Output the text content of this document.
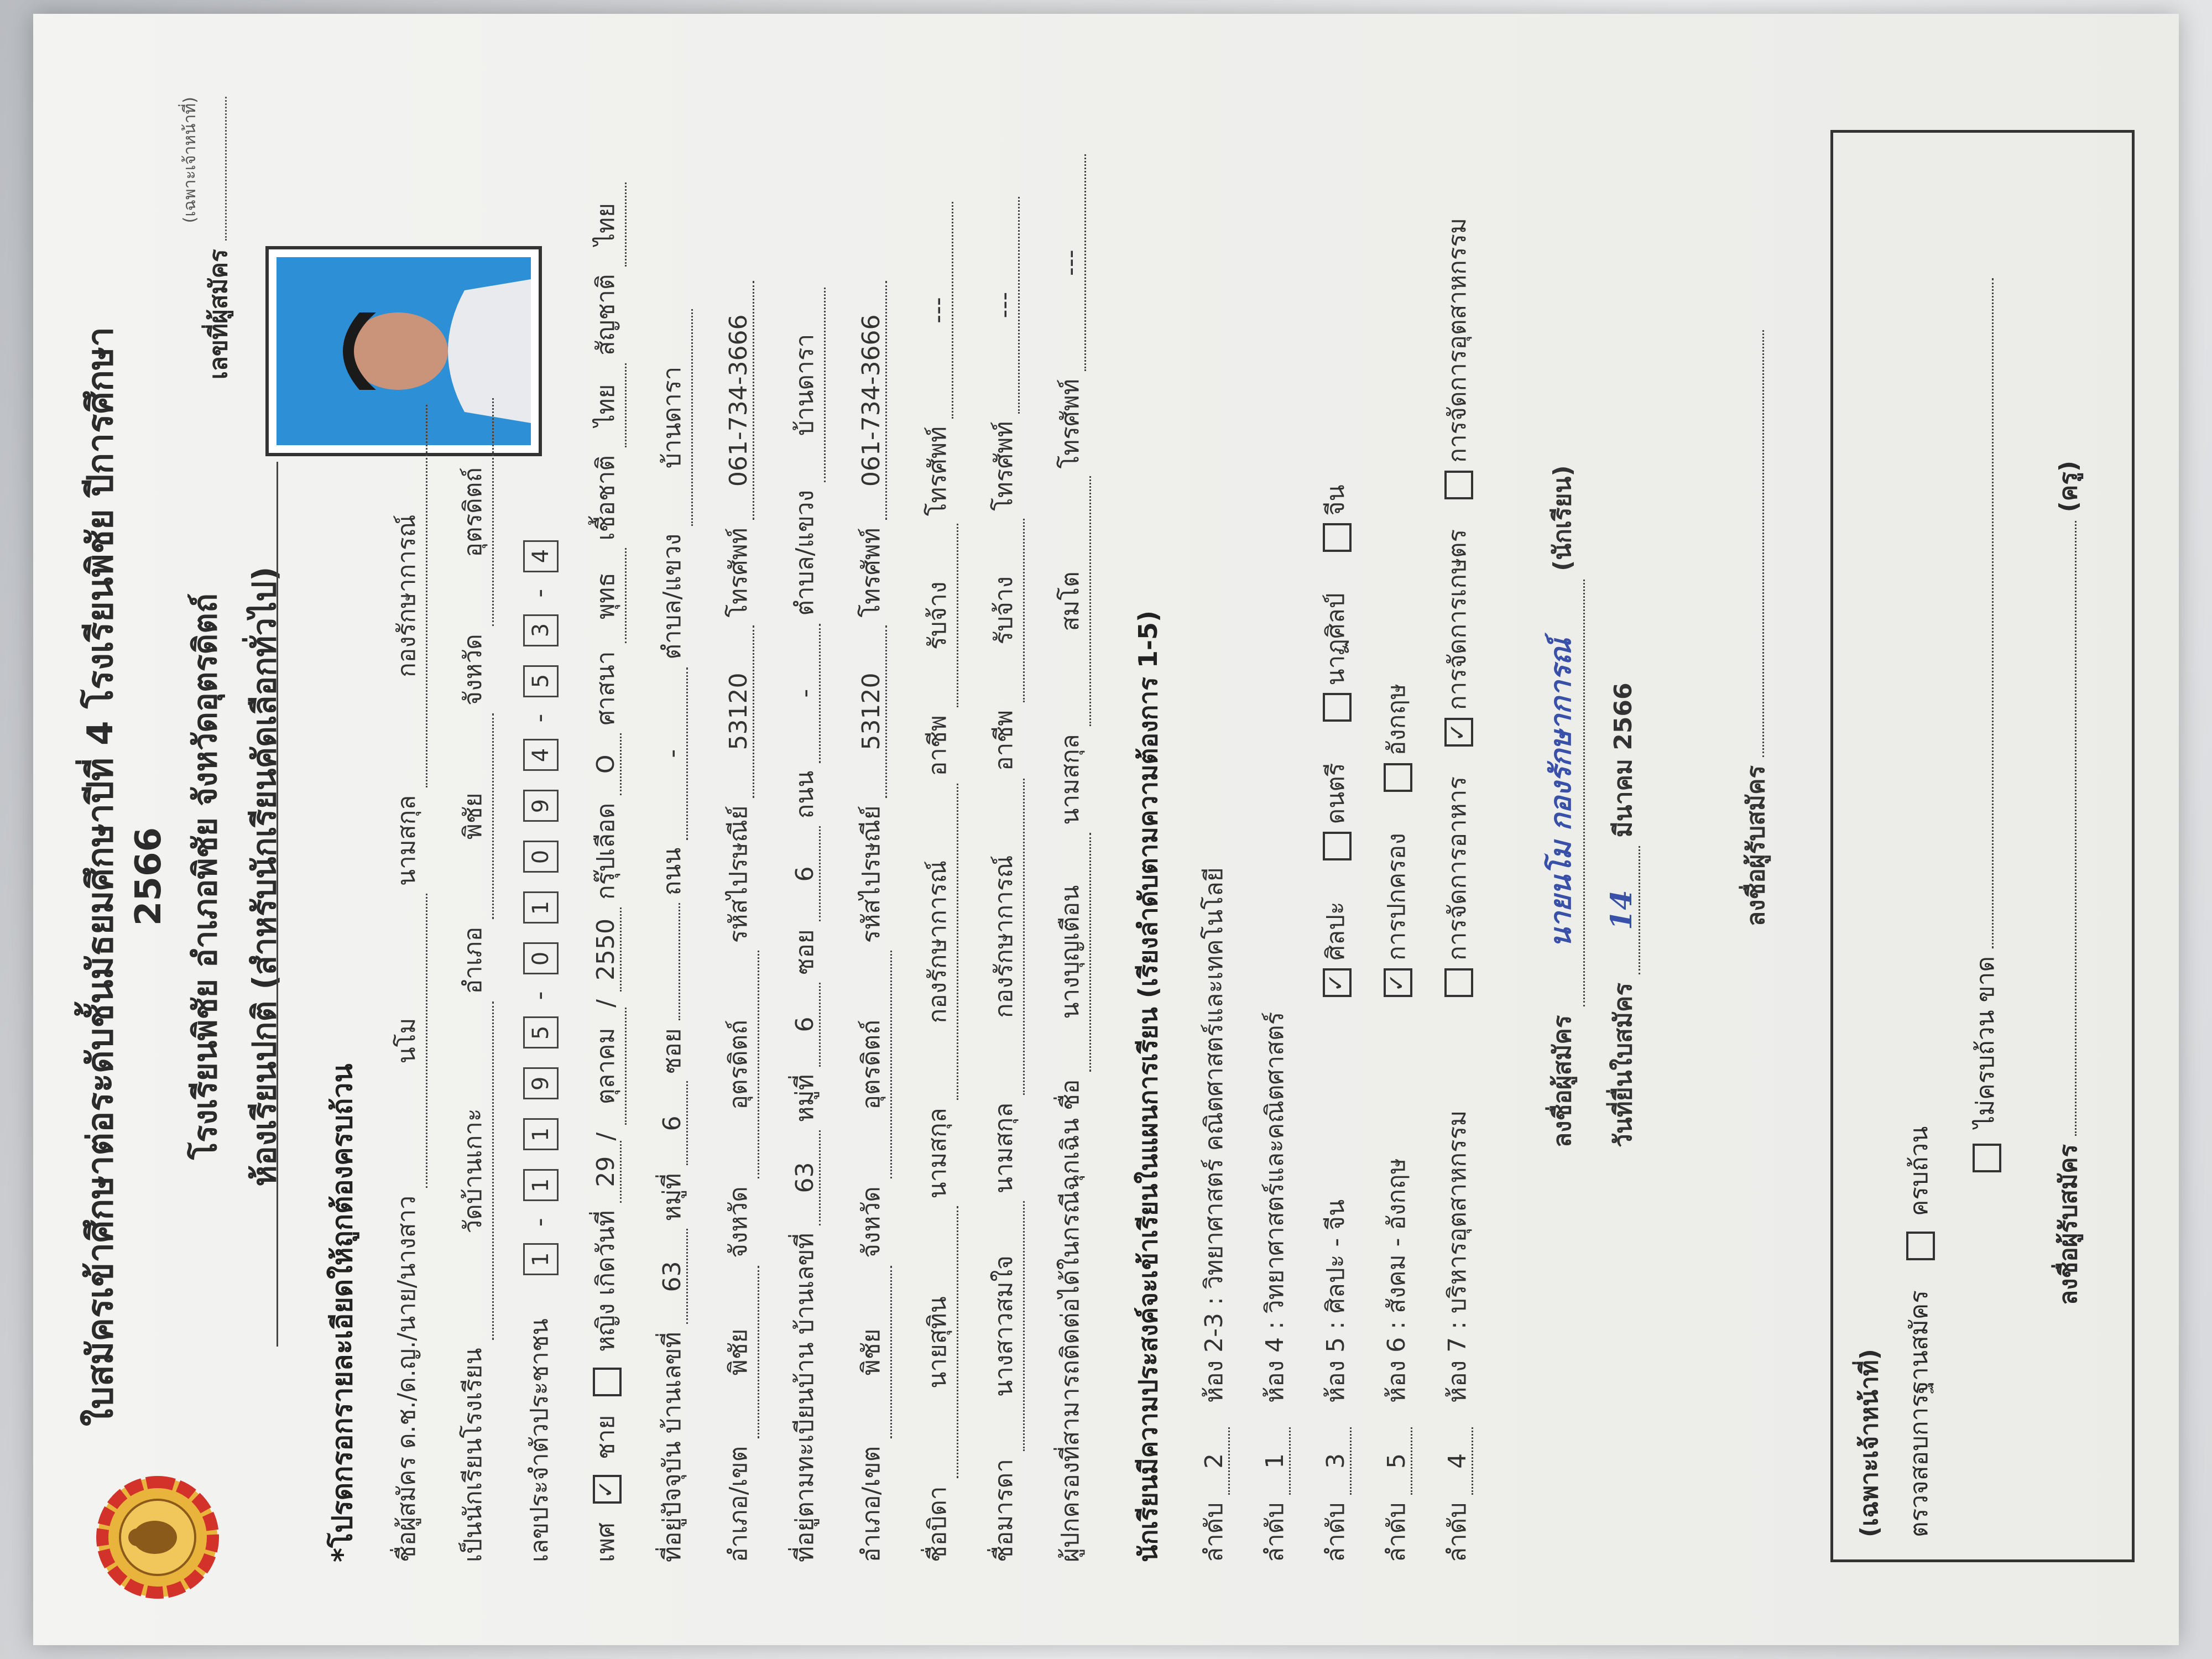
ใบสมัครเข้าศึกษาต่อระดับชั้นมัธยมศึกษาปีที่ 4 โรงเรียนพิชัย ปีการศึกษา 2566 โรงเรียนพิชัย อำเภอพิชัย จังหวัดอุตรดิตถ์ ห้องเรียนปกติ (สำหรับนักเรียนคัดเลือกทั่วไป)
(เฉพาะเจ้าหน้าที่)
เลขที่ผู้สมัคร
*โปรดกรอกรายละเอียดให้ถูกต้องครบถ้วน ชื่อผู้สมัคร ด.ช./ด.ญ./นาย/นางสาว นโม นามสกุล กองรักษาการณ์
เป็นนักเรียนโรงเรียน วัดบ้านเกาะ อำเภอ พิชัย จังหวัด อุตรดิตถ์
เลขประจำตัวประชาชน  1 - 1 1 9 5 - 0 1 0 9 4 - 5 3 - 4
เพศ ✓ ชาย  หญิง เกิดวันที่ 29/ ตุลาคม/ 2550 กรุ๊ปเลือด O ศาสนา พุทธ เชื้อชาติ ไทย สัญชาติ ไทย
ที่อยู่ปัจจุบัน บ้านเลขที่ 63 หมู่ที่ 6 ซอย  ถนน - ตำบล/แขวง บ้านดารา
อำเภอ/เขต พิชัย จังหวัด อุตรดิตถ์ รหัสไปรษณีย์ 53120 โทรศัพท์ 061-734-3666
ที่อยู่ตามทะเบียนบ้าน บ้านเลขที่ 63 หมู่ที่ 6 ซอย 6 ถนน - ตำบล/แขวง บ้านดารา
อำเภอ/เขต พิชัย จังหวัด อุตรดิตถ์ รหัสไปรษณีย์ 53120 โทรศัพท์ 061-734-3666
ชื่อบิดา นายสุทิน นามสกุล กองรักษาการณ์ อาชีพ รับจ้าง โทรศัพท์ ---
ชื่อมารดา นางสาวสมใจ นามสกุล กองรักษาการณ์ อาชีพ รับจ้าง โทรศัพท์ ---
ผู้ปกครองที่สามารถติดต่อได้ในกรณีฉุกเฉิน ชื่อ นางบุญเตือน นามสกุล สมโต โทรศัพท์ ---
นักเรียนมีความประสงค์จะเข้าเรียนในแผนการเรียน (เรียงลำดับตามความต้องการ 1-5) ลำดับ 2 ห้อง 2-3 : วิทยาศาสตร์ คณิตศาสตร์และเทคโนโลยี
ลำดับ 1 ห้อง 4 : วิทยาศาสตร์และคณิตศาสตร์
ลำดับ 3 ห้อง 5 : ศิลปะ - จีน ✓ศิลปะ ดนตรี นาฏศิลป์ จีน
ลำดับ 5 ห้อง 6 : สังคม - อังกฤษ ✓การปกครอง อังกฤษ
ลำดับ 4 ห้อง 7 : บริหารอุตสาหกรรม การจัดการอาหาร ✓การจัดการเกษตร การจัดการอุตสาหกรรม
ลงชื่อผู้สมัคร นายนโม กองรักษาการณ์ (นักเรียน)
วันที่ยื่นใบสมัคร 14 มีนาคม 2566
ลงชื่อผู้รับสมัคร
(เฉพาะเจ้าหน้าที่) ตรวจสอบการฐานสมัคร  ครบถ้วน
ไม่ครบถ้วน ขาด
ลงชื่อผู้รับสมัคร  (ครู)
